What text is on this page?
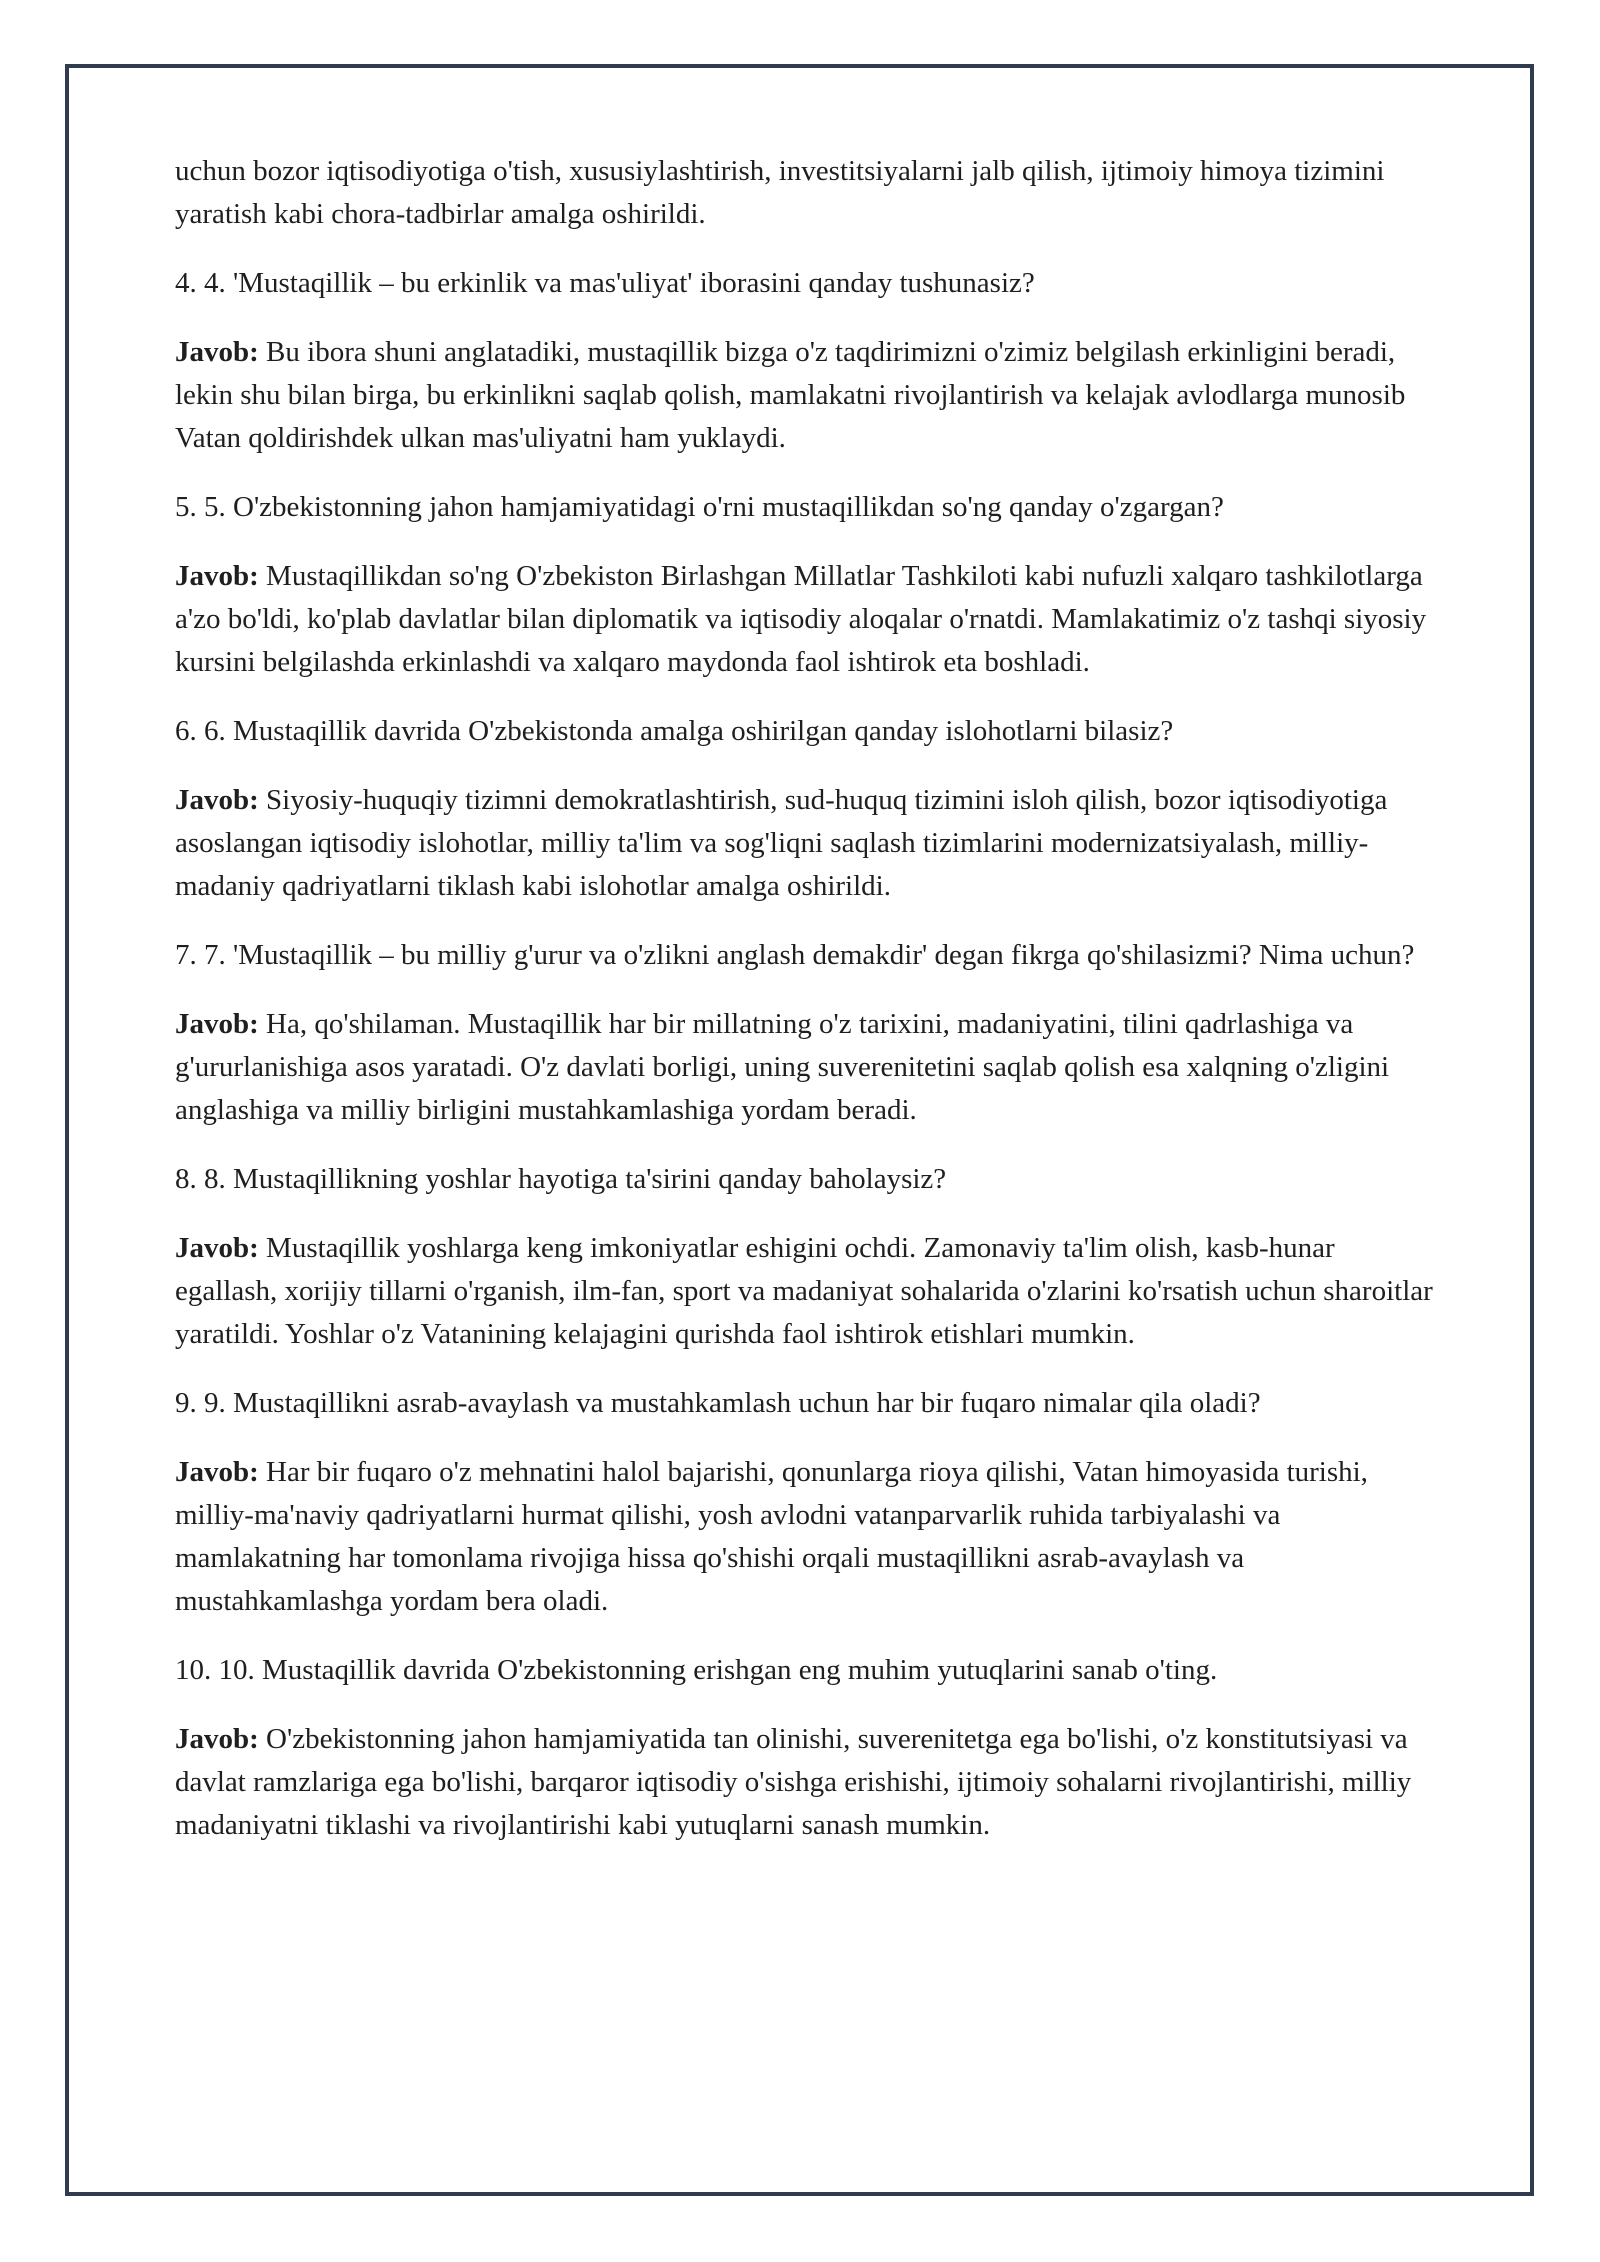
uchun bozor iqtisodiyotiga o'tish, xususiylashtirish, investitsiyalarni jalb qilish, ijtimoiy himoya tizimini yaratish kabi chora-tadbirlar amalga oshirildi.

4. 4. 'Mustaqillik – bu erkinlik va mas'uliyat' iborasini qanday tushunasiz?

Javob: Bu ibora shuni anglatadiki, mustaqillik bizga o'z taqdirimizni o'zimiz belgilash erkinligini beradi, lekin shu bilan birga, bu erkinlikni saqlab qolish, mamlakatni rivojlantirish va kelajak avlodlarga munosib Vatan qoldirishdek ulkan mas'uliyatni ham yuklaydi.

5. 5. O'zbekistonning jahon hamjamiyatidagi o'rni mustaqillikdan so'ng qanday o'zgargan?

Javob: Mustaqillikdan so'ng O'zbekiston Birlashgan Millatlar Tashkiloti kabi nufuzli xalqaro tashkilotlarga a'zo bo'ldi, ko'plab davlatlar bilan diplomatik va iqtisodiy aloqalar o'rnatdi. Mamlakatimiz o'z tashqi siyosiy kursini belgilashda erkinlashdi va xalqaro maydonda faol ishtirok eta boshladi.

6. 6. Mustaqillik davrida O'zbekistonda amalga oshirilgan qanday islohotlarni bilasiz?

Javob: Siyosiy-huquqiy tizimni demokratlashtirish, sud-huquq tizimini isloh qilish, bozor iqtisodiyotiga asoslangan iqtisodiy islohotlar, milliy ta'lim va sog'liqni saqlash tizimlarini modernizatsiyalash, milliy-madaniy qadriyatlarni tiklash kabi islohotlar amalga oshirildi.

7. 7. 'Mustaqillik – bu milliy g'urur va o'zlikni anglash demakdir' degan fikrga qo'shilasizmi? Nima uchun?

Javob: Ha, qo'shilaman. Mustaqillik har bir millatning o'z tarixini, madaniyatini, tilini qadrlashiga va g'ururlanishiga asos yaratadi. O'z davlati borligi, uning suverenitetini saqlab qolish esa xalqning o'zligini anglashiga va milliy birligini mustahkamlashiga yordam beradi.

8. 8. Mustaqillikning yoshlar hayotiga ta'sirini qanday baholaysiz?

Javob: Mustaqillik yoshlarga keng imkoniyatlar eshigini ochdi. Zamonaviy ta'lim olish, kasb-hunar egallash, xorijiy tillarni o'rganish, ilm-fan, sport va madaniyat sohalarida o'zlarini ko'rsatish uchun sharoitlar yaratildi. Yoshlar o'z Vatanining kelajagini qurishda faol ishtirok etishlari mumkin.

9. 9. Mustaqillikni asrab-avaylash va mustahkamlash uchun har bir fuqaro nimalar qila oladi?

Javob: Har bir fuqaro o'z mehnatini halol bajarishi, qonunlarga rioya qilishi, Vatan himoyasida turishi, milliy-ma'naviy qadriyatlarni hurmat qilishi, yosh avlodni vatanparvarlik ruhida tarbiyalashi va mamlakatning har tomonlama rivojiga hissa qo'shishi orqali mustaqillikni asrab-avaylash va mustahkamlashga yordam bera oladi.

10. 10. Mustaqillik davrida O'zbekistonning erishgan eng muhim yutuqlarini sanab o'ting.

Javob: O'zbekistonning jahon hamjamiyatida tan olinishi, suverenitetga ega bo'lishi, o'z konstitutsiyasi va davlat ramzlariga ega bo'lishi, barqaror iqtisodiy o'sishga erishishi, ijtimoiy sohalarni rivojlantirishi, milliy madaniyatni tiklashi va rivojlantirishi kabi yutuqlarni sanash mumkin.
